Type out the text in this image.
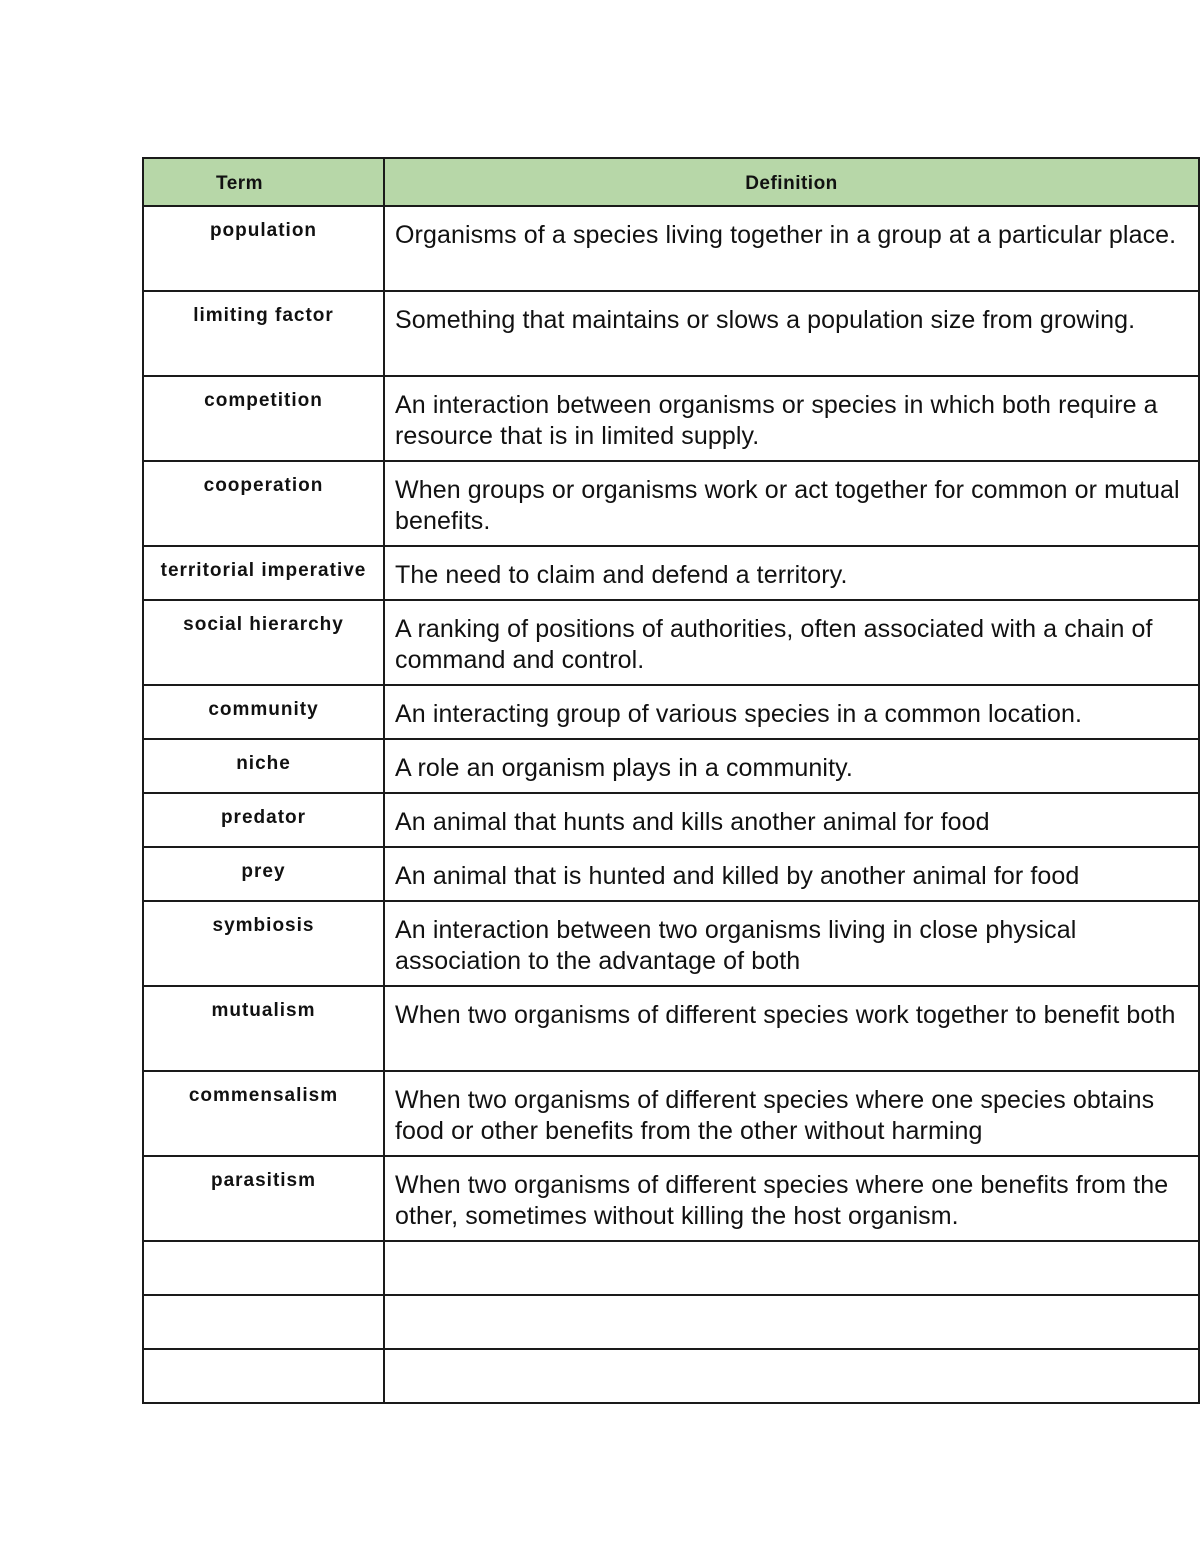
Term	Definition
population	Organisms of a species living together in a group at a particular place.
limiting factor	Something that maintains or slows a population size from growing.
competition	An interaction between organisms or species in which both require a resource that is in limited supply.
cooperation	When groups or organisms work or act together for common or mutual benefits.
territorial imperative	The need to claim and defend a territory.
social hierarchy	A ranking of positions of authorities, often associated with a chain of command and control.
community	An interacting group of various species in a common location.
niche	A role an organism plays in a community.
predator	An animal that hunts and kills another animal for food
prey	An animal that is hunted and killed by another animal for food
symbiosis	An interaction between two organisms living in close physical association to the advantage of both
mutualism	When two organisms of different species work together to benefit both
commensalism	When two organisms of different species where one species obtains food or other benefits from the other without harming
parasitism	When two organisms of different species where one benefits from the other, sometimes without killing the host organism.
